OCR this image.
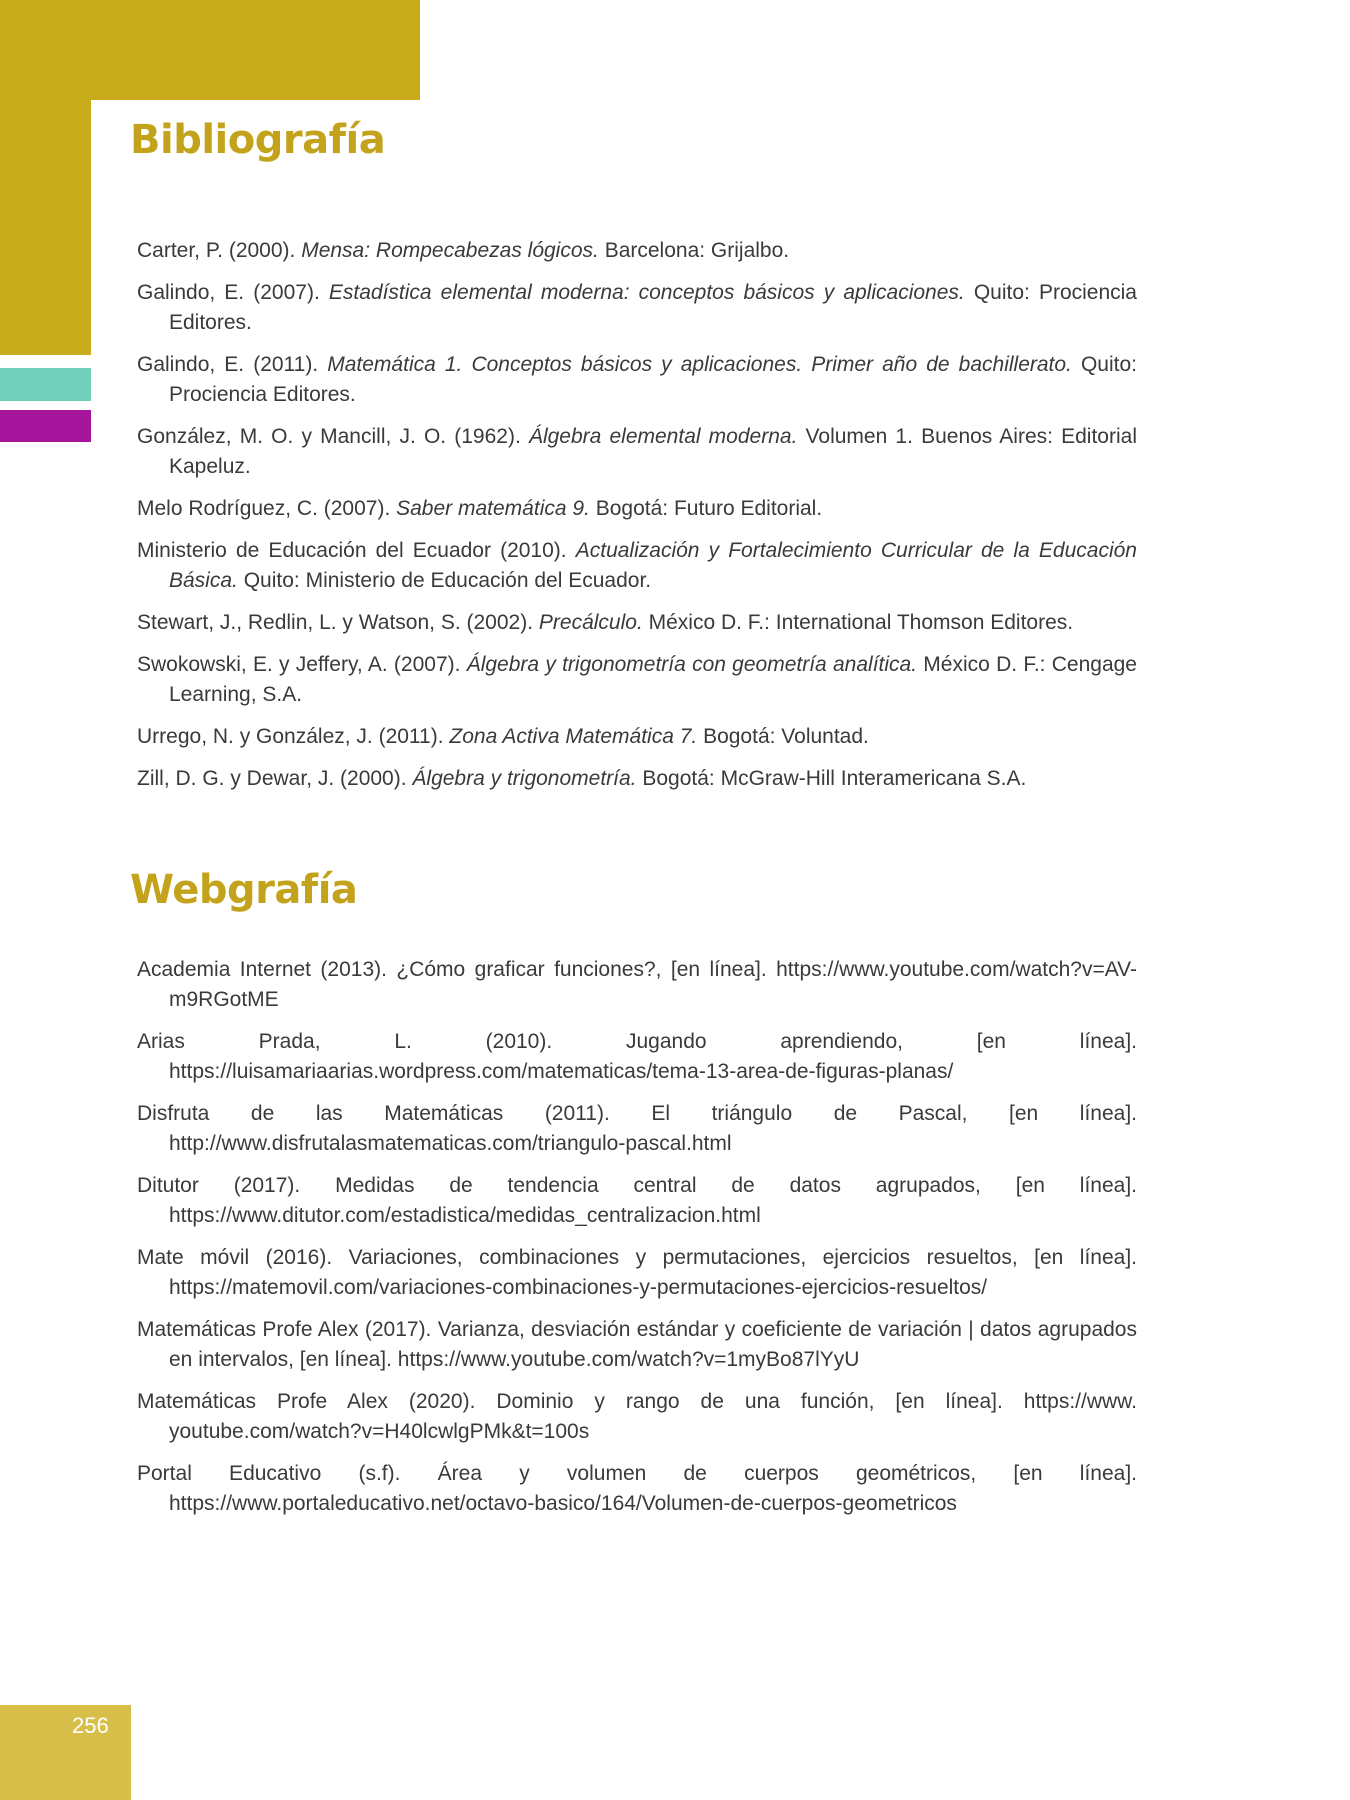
Bibliografía
Carter, P. (2000). Mensa: Rompecabezas lógicos. Barcelona: Grijalbo.
Galindo, E. (2007). Estadística elemental moderna: conceptos básicos y aplicaciones. Quito: Prociencia Editores.
Galindo, E. (2011). Matemática 1. Conceptos básicos y aplicaciones. Primer año de bachillerato. Quito: Prociencia Editores.
González, M. O. y Mancill, J. O. (1962). Álgebra elemental moderna. Volumen 1. Buenos Aires: Editorial Kapeluz.
Melo Rodríguez, C. (2007). Saber matemática 9. Bogotá: Futuro Editorial.
Ministerio de Educación del Ecuador (2010). Actualización y Fortalecimiento Curricular de la Educación Básica. Quito: Ministerio de Educación del Ecuador.
Stewart, J., Redlin, L. y Watson, S. (2002). Precálculo. México D. F.: International Thomson Editores.
Swokowski, E. y Jeffery, A. (2007). Álgebra y trigonometría con geometría analítica. México D. F.: Cengage Learning, S.A.
Urrego, N. y González, J. (2011). Zona Activa Matemática 7. Bogotá: Voluntad.
Zill, D. G. y Dewar, J. (2000). Álgebra y trigonometría. Bogotá: McGraw-Hill Interamericana S.A.
Webgrafía
Academia Internet (2013). ¿Cómo graficar funciones?, [en línea]. https://www.youtube.com/watch?v=AV-m9RGotME
Arias Prada, L. (2010). Jugando aprendiendo, [en línea]. https://luisamariaarias.wordpress.com/matematicas/tema-13-area-de-figuras-planas/
Disfruta de las Matemáticas (2011). El triángulo de Pascal, [en línea]. http://www.disfrutalasmatematicas.com/triangulo-pascal.html
Ditutor (2017). Medidas de tendencia central de datos agrupados, [en línea]. https://www.ditutor.com/estadistica/medidas_centralizacion.html
Mate móvil (2016). Variaciones, combinaciones y permutaciones, ejercicios resueltos, [en línea]. https://matemovil.com/variaciones-combinaciones-y-permutaciones-ejercicios-resueltos/
Matemáticas Profe Alex (2017). Varianza, desviación estándar y coeficiente de variación | datos agrupados en intervalos, [en línea]. https://www.youtube.com/watch?v=1myBo87lYyU
Matemáticas Profe Alex (2020). Dominio y rango de una función, [en línea]. https://www. youtube.com/watch?v=H40lcwlgPMk&t=100s
Portal Educativo (s.f). Área y volumen de cuerpos geométricos, [en línea]. https://www.portaleducativo.net/octavo-basico/164/Volumen-de-cuerpos-geometricos
256
